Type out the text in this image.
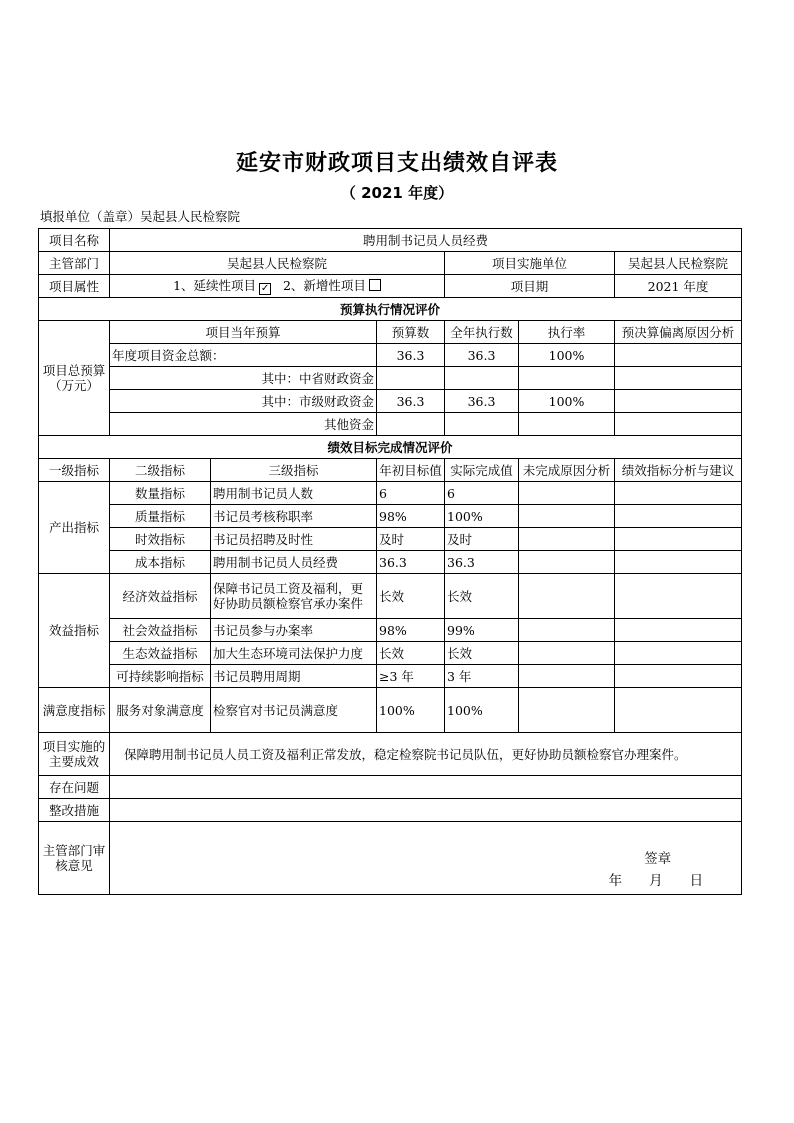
延安市财政项目支出绩效自评表
（ 2021 年度）
填报单位（盖章）吴起县人民检察院
项目名称	聘用制书记员人员经费					
主管部门	吴起县人民检察院			项目实施单位		吴起县人民检察院
项目属性	1、延续性项目 ✓ 2、新增性项目			项目期		2021 年度
预算执行情况评价						
项目总预算（万元）	项目当年预算		预算数	全年执行数	执行率	预决算偏离原因分析
	年度项目资金总额：		36.3	36.3	100%	
	其中：中省财政资金					
	其中：市级财政资金		36.3	36.3	100%	
	其他资金					
绩效目标完成情况评价						
一级指标	二级指标	三级指标	年初目标值	实际完成值	未完成原因分析	绩效指标分析与建议
产出指标	数量指标	聘用制书记员人数	6	6		
	质量指标	书记员考核称职率	98%	100%		
	时效指标	书记员招聘及时性	及时	及时		
	成本指标	聘用制书记员人员经费	36.3	36.3		
效益指标	经济效益指标	保障书记员工资及福利，更好协助员额检察官承办案件	长效	长效		
	社会效益指标	书记员参与办案率	98%	99%		
	生态效益指标	加大生态环境司法保护力度	长效	长效		
	可持续影响指标	书记员聘用周期	≥3 年	3 年		
满意度指标	服务对象满意度	检察官对书记员满意度	100%	100%		
项目实施的主要成效	保障聘用制书记员人员工资及福利正常发放，稳定检察院书记员队伍，更好协助员额检察官办理案件。					
存在问题						
整改措施						
主管部门审核意见	签章
年　　月　　日					
